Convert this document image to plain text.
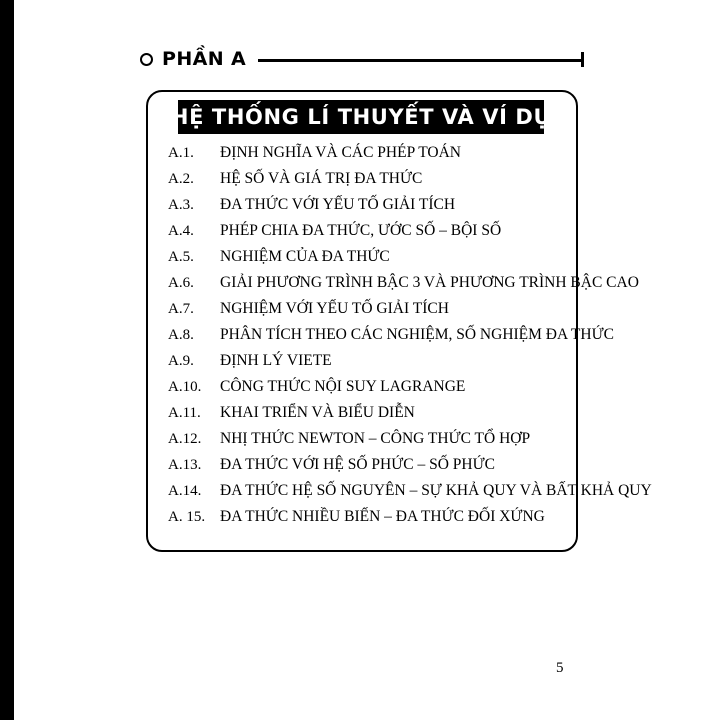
PHẦN A
HỆ THỐNG LÍ THUYẾT VÀ VÍ DỤ
A.1.	ĐỊNH NGHĨA VÀ CÁC PHÉP TOÁN
A.2.	HỆ SỐ VÀ GIÁ TRỊ ĐA THỨC
A.3.	ĐA THỨC VỚI YẾU TỐ GIẢI TÍCH
A.4.	PHÉP CHIA ĐA THỨC, ƯỚC SỐ – BỘI SỐ
A.5.	NGHIỆM CỦA ĐA THỨC
A.6.	GIẢI PHƯƠNG TRÌNH BẬC 3 VÀ PHƯƠNG TRÌNH BẬC CAO
A.7.	NGHIỆM VỚI YẾU TỐ GIẢI TÍCH
A.8.	PHÂN TÍCH THEO CÁC NGHIỆM, SỐ NGHIỆM ĐA THỨC
A.9.	ĐỊNH LÝ VIETE
A.10.	CÔNG THỨC NỘI SUY LAGRANGE
A.11.	KHAI TRIỂN VÀ BIỂU DIỄN
A.12.	NHỊ THỨC NEWTON – CÔNG THỨC TỔ HỢP
A.13.	ĐA THỨC VỚI HỆ SỐ PHỨC – SỐ PHỨC
A.14.	ĐA THỨC HỆ SỐ NGUYÊN – SỰ KHẢ QUY VÀ BẤT KHẢ QUY
A. 15. ĐA THỨC NHIỀU BIẾN – ĐA THỨC ĐỐI XỨNG
5
